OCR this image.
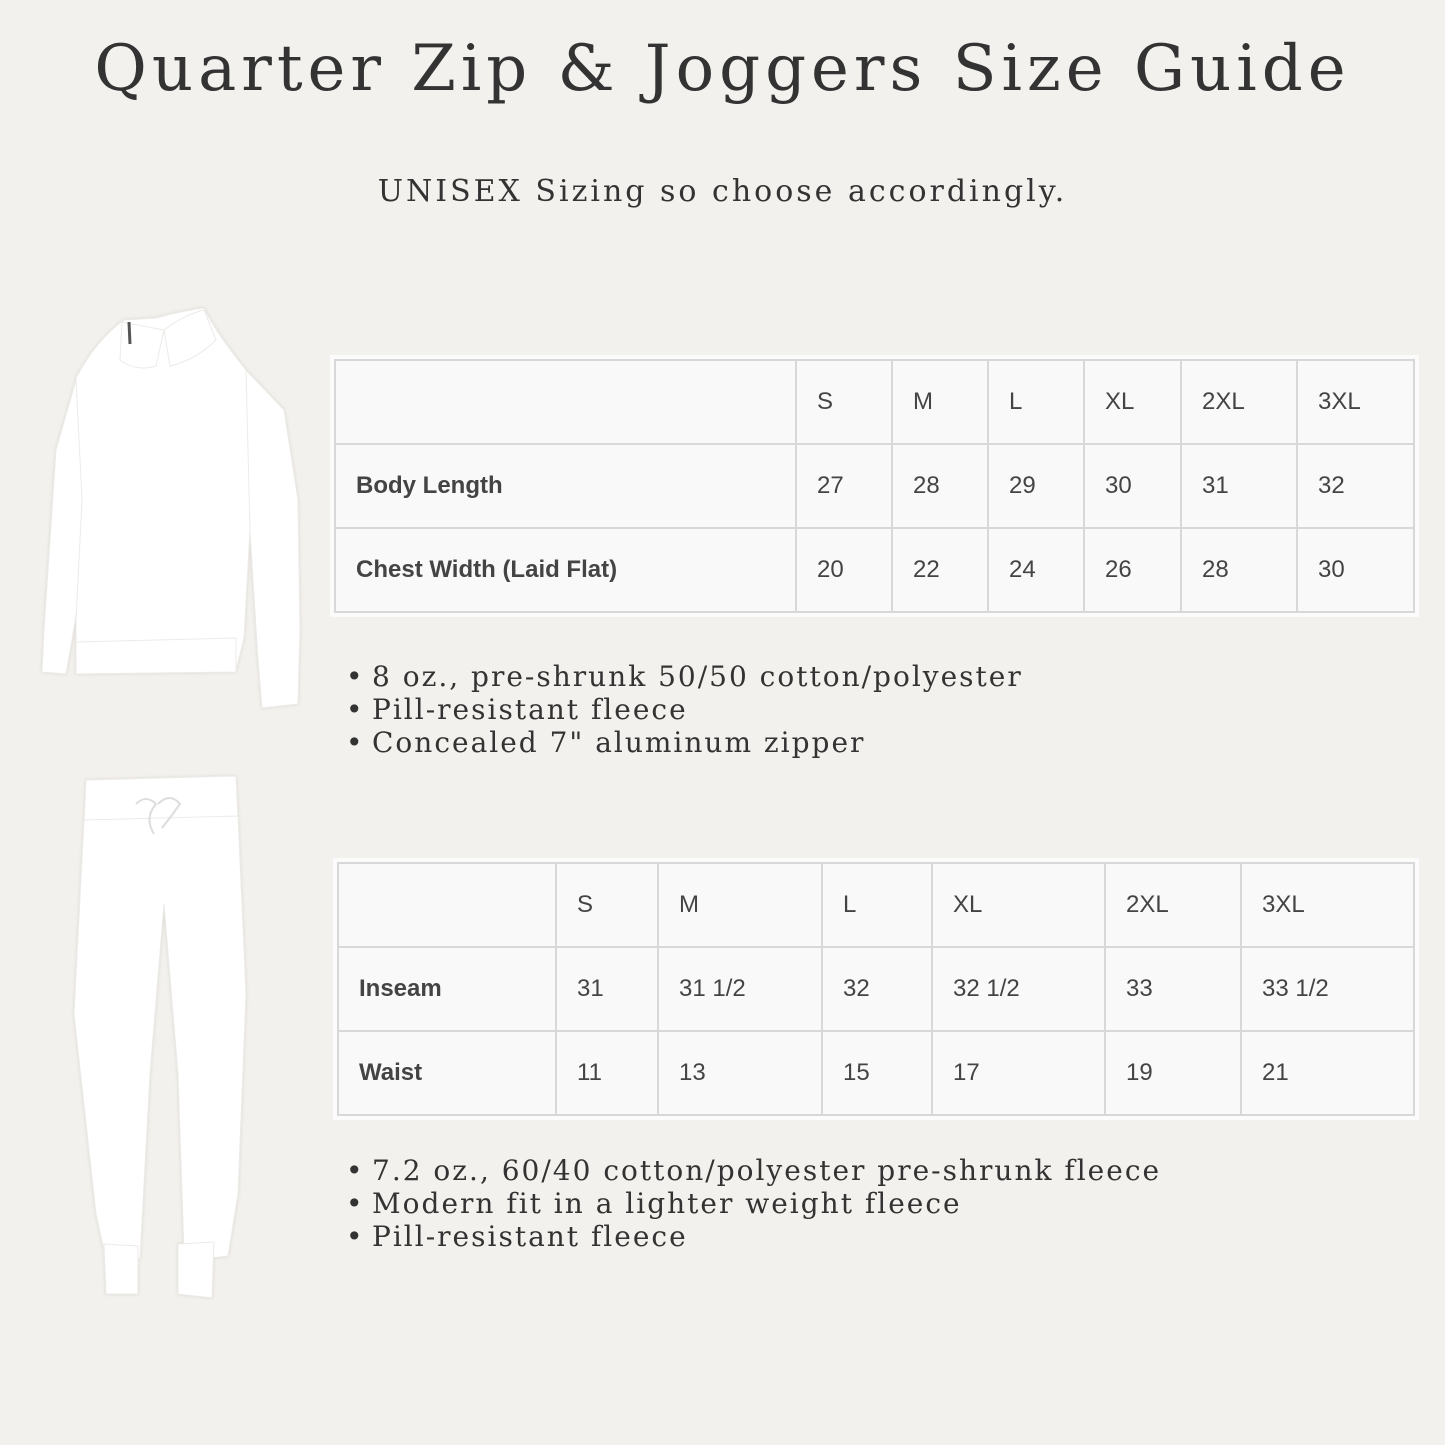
Quarter Zip & Joggers Size Guide
UNISEX Sizing so choose accordingly.
	S	M	L	XL	2XL	3XL
Body Length	27	28	29	30	31	32
Chest Width (Laid Flat)	20	22	24	26	28	30
• 8 oz., pre-shrunk 50/50 cotton/polyester
• Pill-resistant fleece
• Concealed 7" aluminum zipper
	S	M	L	XL	2XL	3XL
Inseam	31	31 1/2	32	32 1/2	33	33 1/2
Waist	11	13	15	17	19	21
• 7.2 oz., 60/40 cotton/polyester pre-shrunk fleece
• Modern fit in a lighter weight fleece
• Pill-resistant fleece
